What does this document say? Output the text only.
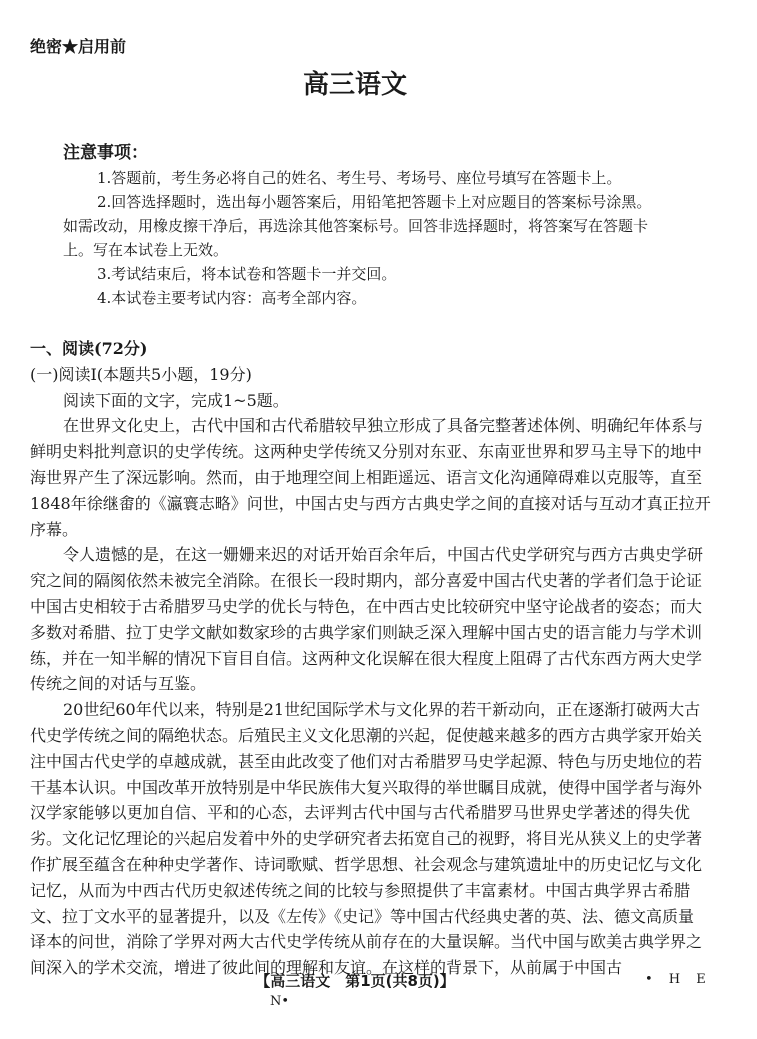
绝密★启用前
高三语文
注意事项：
1.答题前，考生务必将自己的姓名、考生号、考场号、座位号填写在答题卡上。
2.回答选择题时，选出每小题答案后，用铅笔把答题卡上对应题目的答案标号涂黑。
如需改动，用橡皮擦干净后，再选涂其他答案标号。回答非选择题时，将答案写在答题卡
上。写在本试卷上无效。
3.考试结束后，将本试卷和答题卡一并交回。
4.本试卷主要考试内容：高考全部内容。
一、阅读(72分)
(一)阅读Ⅰ(本题共5小题，19分)
阅读下面的文字，完成1~5题。
在世界文化史上，古代中国和古代希腊较早独立形成了具备完整著述体例、明确纪年体系与
鲜明史料批判意识的史学传统。这两种史学传统又分别对东亚、东南亚世界和罗马主导下的地中
海世界产生了深远影响。然而，由于地理空间上相距遥远、语言文化沟通障碍难以克服等，直至
1848年徐继畬的《瀛寰志略》问世，中国古史与西方古典史学之间的直接对话与互动才真正拉开
序幕。
令人遗憾的是，在这一姗姗来迟的对话开始百余年后，中国古代史学研究与西方古典史学研
究之间的隔阂依然未被完全消除。在很长一段时期内，部分喜爱中国古代史著的学者们急于论证
中国古史相较于古希腊罗马史学的优长与特色，在中西古史比较研究中坚守论战者的姿态；而大
多数对希腊、拉丁史学文献如数家珍的古典学家们则缺乏深入理解中国古史的语言能力与学术训
练，并在一知半解的情况下盲目自信。这两种文化误解在很大程度上阻碍了古代东西方两大史学
传统之间的对话与互鉴。
20世纪60年代以来，特别是21世纪国际学术与文化界的若干新动向，正在逐渐打破两大古
代史学传统之间的隔绝状态。后殖民主义文化思潮的兴起，促使越来越多的西方古典学家开始关
注中国古代史学的卓越成就，甚至由此改变了他们对古希腊罗马史学起源、特色与历史地位的若
干基本认识。中国改革开放特别是中华民族伟大复兴取得的举世瞩目成就，使得中国学者与海外
汉学家能够以更加自信、平和的心态，去评判古代中国与古代希腊罗马世界史学著述的得失优
劣。文化记忆理论的兴起启发着中外的史学研究者去拓宽自己的视野，将目光从狭义上的史学著
作扩展至蕴含在种种史学著作、诗词歌赋、哲学思想、社会观念与建筑遗址中的历史记忆与文化
记忆，从而为中西古代历史叙述传统之间的比较与参照提供了丰富素材。中国古典学界古希腊
文、拉丁文水平的显著提升，以及《左传》《史记》等中国古代经典史著的英、法、德文高质量
译本的问世，消除了学界对两大古代史学传统从前存在的大量误解。当代中国与欧美古典学界之
间深入的学术交流，增进了彼此间的理解和友谊。在这样的背景下，从前属于中国古
【高三语文　第1页(共8页)】	• H E
N•
